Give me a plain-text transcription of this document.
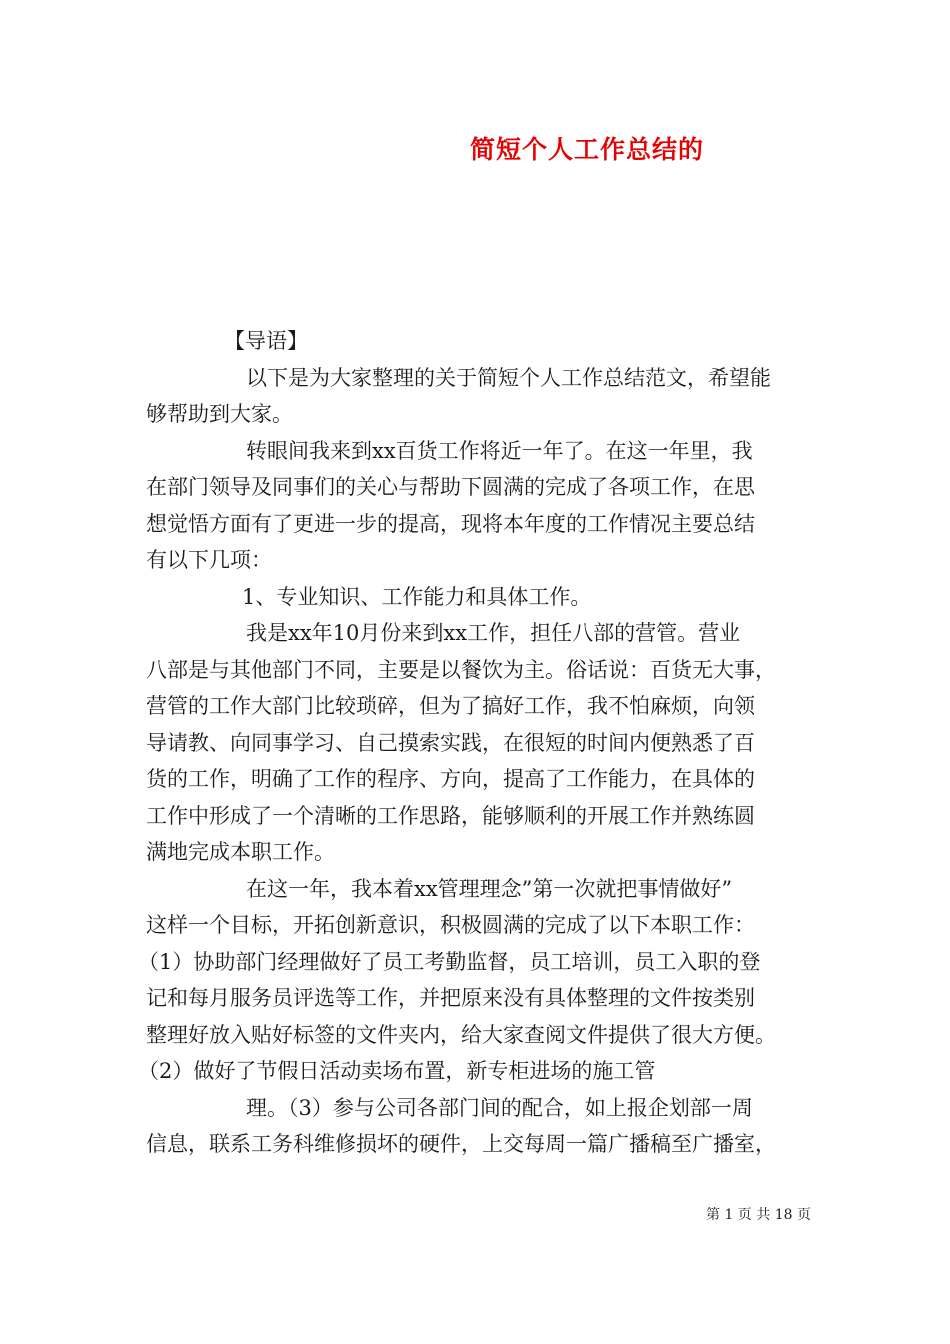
简短个人工作总结的
【导语】
以下是为大家整理的关于简短个人工作总结范文，希望能
够帮助到大家。
转眼间我来到xx百货工作将近一年了。在这一年里，我
在部门领导及同事们的关心与帮助下圆满的完成了各项工作，在思
想觉悟方面有了更进一步的提高，现将本年度的工作情况主要总结
有以下几项：
1、专业知识、工作能力和具体工作。
我是xx年10月份来到xx工作，担任八部的营管。营业
八部是与其他部门不同，主要是以餐饮为主。俗话说：百货无大事，
营管的工作大部门比较琐碎，但为了搞好工作，我不怕麻烦，向领
导请教、向同事学习、自己摸索实践，在很短的时间内便熟悉了百
货的工作，明确了工作的程序、方向，提高了工作能力，在具体的
工作中形成了一个清晰的工作思路，能够顺利的开展工作并熟练圆
满地完成本职工作。
在这一年，我本着xx管理理念”第一次就把事情做好”
这样一个目标，开拓创新意识，积极圆满的完成了以下本职工作：
（1）协助部门经理做好了员工考勤监督，员工培训，员工入职的登
记和每月服务员评选等工作，并把原来没有具体整理的文件按类别
整理好放入贴好标签的文件夹内，给大家查阅文件提供了很大方便。
（2）做好了节假日活动卖场布置，新专柜进场的施工管
理。（3）参与公司各部门间的配合，如上报企划部一周
信息，联系工务科维修损坏的硬件，上交每周一篇广播稿至广播室，
第 1 页 共 18 页
